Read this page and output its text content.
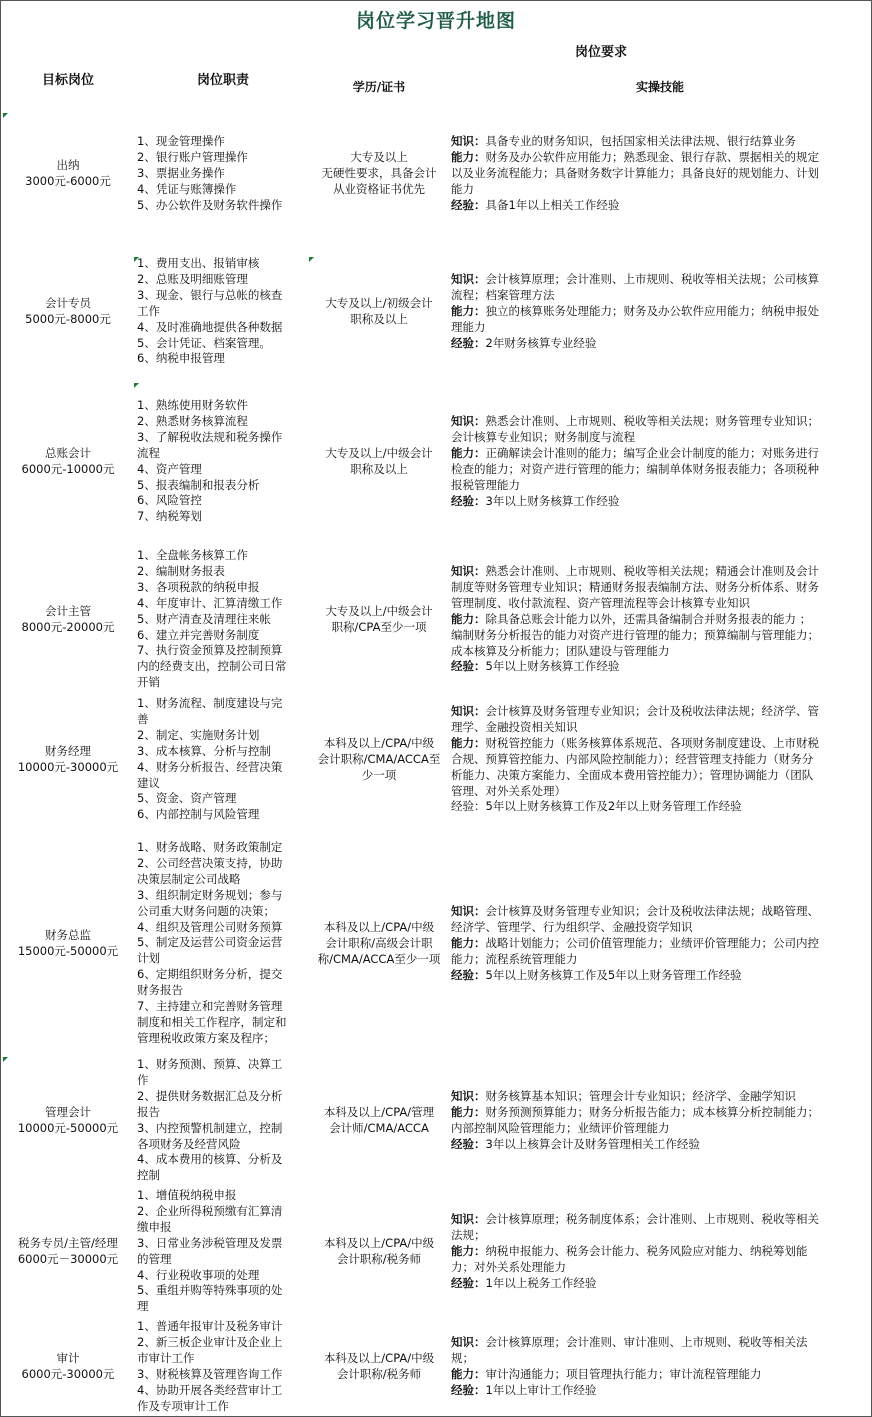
岗位学习晋升地图
目标岗位	岗位职责
岗位要求
学历/证书	实操技能
出纳
3000元-6000元
1、现金管理操作
2、银行账户管理操作
3、票据业务操作
4、凭证与账簿操作
5、办公软件及财务软件操作
大专及以上
无硬性要求，具备会计
从业资格证书优先
知识：具备专业的财务知识，包括国家相关法律法规、银行结算业务
能力：财务及办公软件应用能力；熟悉现金、银行存款、票据相关的规定
以及业务流程能力；具备财务数字计算能力；具备良好的规划能力、计划
能力
经验：具备1年以上相关工作经验
会计专员
5000元-8000元
1、费用支出、报销审核
2、总账及明细账管理
3、现金、银行与总帐的核查
工作
4、及时准确地提供各种数据
5、会计凭证、档案管理。
6、纳税申报管理
大专及以上/初级会计
职称及以上
知识：会计核算原理；会计准则、上市规则、税收等相关法规；公司核算
流程；档案管理方法
能力：独立的核算账务处理能力；财务及办公软件应用能力；纳税申报处
理能力
经验：2年财务核算专业经验
总账会计
6000元-10000元
1、熟练使用财务软件
2、熟悉财务核算流程
3、了解税收法规和税务操作
流程
4、资产管理
5、报表编制和报表分析
6、风险管控
7、纳税筹划
大专及以上/中级会计
职称及以上
知识：熟悉会计准则、上市规则、税收等相关法规；财务管理专业知识；
会计核算专业知识；财务制度与流程
能力：正确解读会计准则的能力；编写企业会计制度的能力；对账务进行
检查的能力；对资产进行管理的能力；编制单体财务报表能力；各项税种
报税管理能力
经验：3年以上财务核算工作经验
会计主管
8000元-20000元
1、全盘帐务核算工作
2、编制财务报表
3、各项税款的纳税申报
4、年度审计、汇算清缴工作
5、财产清查及清理往来帐
6、建立并完善财务制度
7、执行资金预算及控制预算
内的经费支出，控制公司日常
开销
大专及以上/中级会计
职称/CPA至少一项
知识：熟悉会计准则、上市规则、税收等相关法规；精通会计准则及会计
制度等财务管理专业知识；精通财务报表编制方法、财务分析体系、财务
管理制度、收付款流程、资产管理流程等会计核算专业知识
能力：除具备总账会计能力以外，还需具备编制合并财务报表的能力 ；
编制财务分析报告的能力对资产进行管理的能力；预算编制与管理能力；
成本核算及分析能力；团队建设与管理能力
经验：5年以上财务核算工作经验
财务经理
10000元-30000元
1、财务流程、制度建设与完
善
2、制定、实施财务计划
3、成本核算、分析与控制
4、财务分析报告、经营决策
建议
5、资金、资产管理
6、内部控制与风险管理
本科及以上/CPA/中级
会计职称/CMA/ACCA至
少一项
知识：会计核算及财务管理专业知识；会计及税收法律法规；经济学、管
理学、金融投资相关知识
能力：财税管控能力（账务核算体系规范、各项财务制度建设、上市财税
合规、预算管控能力、内部风险控制能力）；经营管理支持能力（财务分
析能力、决策方案能力、全面成本费用管控能力）；管理协调能力（团队
管理、对外关系处理）
经验：5年以上财务核算工作及2年以上财务管理工作经验
财务总监
15000元-50000元
1、财务战略、财务政策制定
2、公司经营决策支持，协助
决策层制定公司战略
3、组织制定财务规划；参与
公司重大财务问题的决策；
4、组织及管理公司财务预算
5、制定及运营公司资金运营
计划
6、定期组织财务分析，提交
财务报告
7、主持建立和完善财务管理
制度和相关工作程序，制定和
管理税收政策方案及程序；
本科及以上/CPA/中级
会计职称/高级会计职
称/CMA/ACCA至少一项
知识：会计核算及财务管理专业知识；会计及税收法律法规；战略管理、
经济学、管理学、行为组织学、金融投资学知识
能力：战略计划能力；公司价值管理能力；业绩评价管理能力；公司内控
能力；流程系统管理能力
经验：5年以上财务核算工作及5年以上财务管理工作经验
管理会计
10000元-50000元
1、财务预测、预算、决算工
作
2、提供财务数据汇总及分析
报告
3、内控预警机制建立，控制
各项财务及经营风险
4、成本费用的核算、分析及
控制
本科及以上/CPA/管理
会计师/CMA/ACCA
知识：财务核算基本知识；管理会计专业知识；经济学、金融学知识
能力：财务预测预算能力；财务分析报告能力；成本核算分析控制能力；
内部控制风险管理能力；业绩评价管理能力
经验：3年以上核算会计及财务管理相关工作经验
税务专员/主管/经理
6000元－30000元
1、增值税纳税申报
2、企业所得税预缴有汇算清
缴申报
3、日常业务涉税管理及发票
的管理
4、行业税收事项的处理
5、重组并购等特殊事项的处
理
本科及以上/CPA/中级
会计职称/税务师
知识：会计核算原理；税务制度体系；会计准则、上市规则、税收等相关
法规；
能力：纳税申报能力、税务会计能力、税务风险应对能力、纳税筹划能
力；对外关系处理能力
经验：1年以上税务工作经验
审计
6000元-30000元
1、普通年报审计及税务审计
2、新三板企业审计及企业上
市审计工作
3、财税核算及管理咨询工作
4、协助开展各类经营审计工
作及专项审计工作
本科及以上/CPA/中级
会计职称/税务师
知识：会计核算原理；会计准则、审计准则、上市规则、税收等相关法
规；
能力：审计沟通能力；项目管理执行能力；审计流程管理能力
经验：1年以上审计工作经验
